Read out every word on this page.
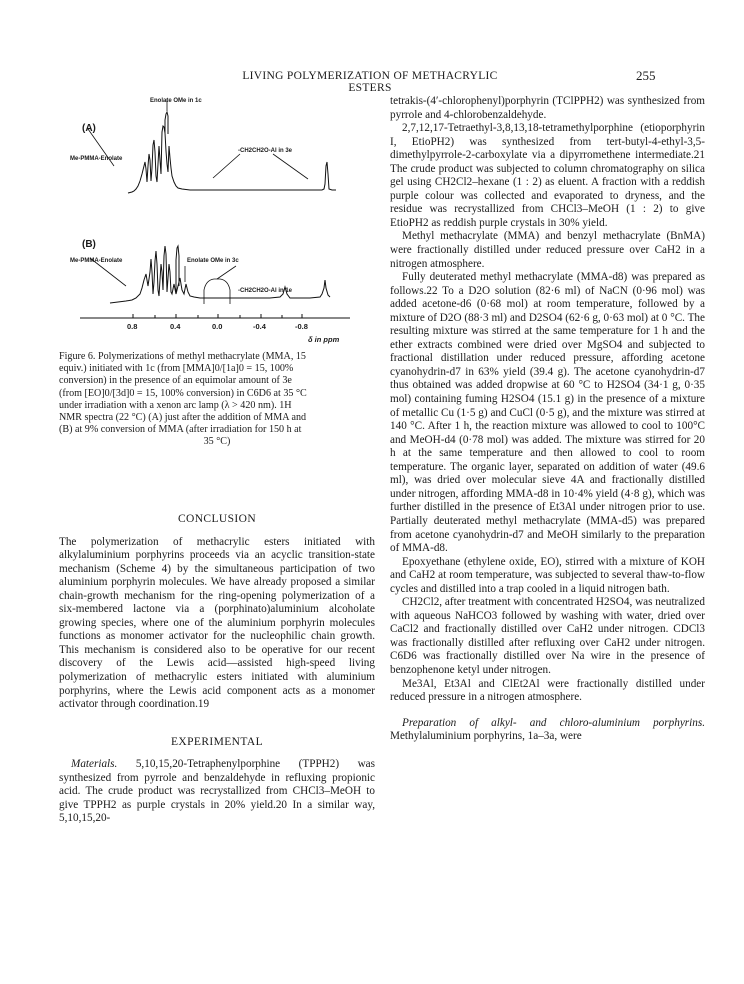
LIVING POLYMERIZATION OF METHACRYLIC ESTERS
255
Enolate OMe in 1c
(A)
Me-PMMA-Enolate
-CH2CH2O-Al in 3e
(B)
Me-PMMA-Enolate	Enolate OMe in 3c
-CH2CH2O-Al in 1e
0.8	0.4	0.0	-0.4	-0.8
δ in ppm
Figure 6. Polymerizations of methyl methacrylate (MMA, 15
equiv.) initiated with 1c (from [MMA]0/[1a]0 = 15, 100%
conversion) in the presence of an equimolar amount of 3e
(from [EO]0/[3d]0 = 15, 100% conversion) in C6D6 at 35 °C
under irradiation with a xenon arc lamp (λ > 420 nm). 1H
NMR spectra (22 °C) (A) just after the addition of MMA and
(B) at 9% conversion of MMA (after irradiation for 150 h at
35 °C)

CONCLUSION

The polymerization of methacrylic esters initiated with alkylaluminium porphyrins proceeds via an acyclic transition-state mechanism (Scheme 4) by the simultaneous participation of two aluminium porphyrin molecules. We have already proposed a similar chain-growth mechanism for the ring-opening polymerization of a six-membered lactone via a (porphinato)aluminium alcoholate growing species, where one of the aluminium porphyrin molecules functions as monomer activator for the nucleophilic chain growth. This mechanism is considered also to be operative for our recent discovery of the Lewis acid—assisted high-speed living polymerization of methacrylic esters initiated with aluminium porphyrins, where the Lewis acid component acts as a monomer activator through coordination.19

EXPERIMENTAL

Materials. 5,10,15,20-Tetraphenylporphine (TPPH2) was synthesized from pyrrole and benzaldehyde in refluxing propionic acid. The crude product was recrystallized from CHCl3–MeOH to give TPPH2 as purple crystals in 20% yield.20 In a similar way, 5,10,15,20-

tetrakis-(4′-chlorophenyl)porphyrin (TClPPH2) was synthesized from pyrrole and 4-chlorobenzaldehyde.

2,7,12,17-Tetraethyl-3,8,13,18-tetramethylporphine (etioporphyrin I, EtioPH2) was synthesized from tert-butyl-4-ethyl-3,5-dimethylpyrrole-2-carboxylate via a dipyrromethene intermediate.21 The crude product was subjected to column chromatography on silica gel using CH2Cl2–hexane (1 : 2) as eluent. A fraction with a reddish purple colour was collected and evaporated to dryness, and the residue was recrystallized from CHCl3–MeOH (1 : 2) to give EtioPH2 as reddish purple crystals in 30% yield.

Methyl methacrylate (MMA) and benzyl methacrylate (BnMA) were fractionally distilled under reduced pressure over CaH2 in a nitrogen atmosphere.

Fully deuterated methyl methacrylate (MMA-d8) was prepared as follows.22 To a D2O solution (82·6 ml) of NaCN (0·96 mol) was added acetone-d6 (0·68 mol) at room temperature, followed by a mixture of D2O (88·3 ml) and D2SO4 (62·6 g, 0·63 mol) at 0 °C. The resulting mixture was stirred at the same temperature for 1 h and the ether extracts combined were dried over MgSO4 and subjected to fractional distillation under reduced pressure, affording acetone cyanohydrin-d7 in 63% yield (39.4 g). The acetone cyanohydrin-d7 thus obtained was added dropwise at 60 °C to H2SO4 (34·1 g, 0·35 mol) containing fuming H2SO4 (15.1 g) in the presence of a mixture of metallic Cu (1·5 g) and CuCl (0·5 g), and the mixture was stirred at 140 °C. After 1 h, the reaction mixture was allowed to cool to 100°C and MeOH-d4 (0·78 mol) was added. The mixture was stirred for 20 h at the same temperature and then allowed to cool to room temperature. The organic layer, separated on addition of water (49.6 ml), was dried over molecular sieve 4A and fractionally distilled under nitrogen, affording MMA-d8 in 10·4% yield (4·8 g), which was further distilled in the presence of Et3Al under nitrogen prior to use. Partially deuterated methyl methacrylate (MMA-d5) was prepared from acetone cyanohydrin-d7 and MeOH similarly to the preparation of MMA-d8.

Epoxyethane (ethylene oxide, EO), stirred with a mixture of KOH and CaH2 at room temperature, was subjected to several thaw-to-flow cycles and distilled into a trap cooled in a liquid nitrogen bath.

CH2Cl2, after treatment with concentrated H2SO4, was neutralized with aqueous NaHCO3 followed by washing with water, dried over CaCl2 and fractionally distilled over CaH2 under nitrogen. CDCl3 was fractionally distilled after refluxing over CaH2 under nitrogen. C6D6 was fractionally distilled over Na wire in the presence of benzophenone ketyl under nitrogen.

Me3Al, Et3Al and ClEt2Al were fractionally distilled under reduced pressure in a nitrogen atmosphere.

Preparation of alkyl- and chloro-aluminium porphyrins. Methylaluminium porphyrins, 1a–3a, were
